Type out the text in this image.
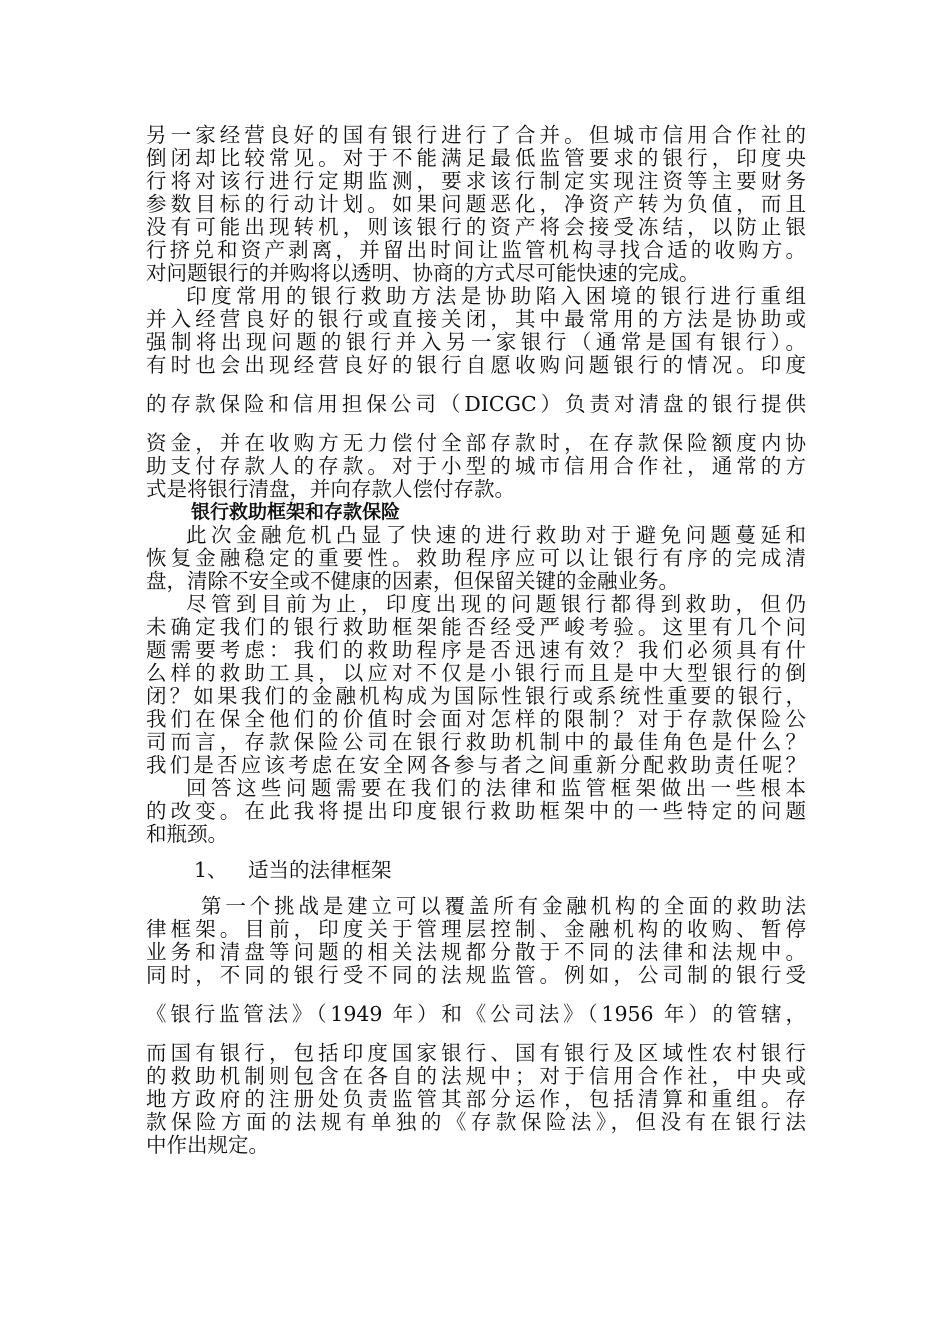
另一家经营良好的国有银行进行了合并。但城市信用合作社的
倒闭却比较常见。对于不能满足最低监管要求的银行，印度央
行将对该行进行定期监测，要求该行制定实现注资等主要财务
参数目标的行动计划。如果问题恶化，净资产转为负值，而且
没有可能出现转机，则该银行的资产将会接受冻结，以防止银
行挤兑和资产剥离，并留出时间让监管机构寻找合适的收购方。
对问题银行的并购将以透明、协商的方式尽可能快速的完成。
印度常用的银行救助方法是协助陷入困境的银行进行重组
并入经营良好的银行或直接关闭，其中最常用的方法是协助或
强制将出现问题的银行并入另一家银行（通常是国有银行）。
有时也会出现经营良好的银行自愿收购问题银行的情况。印度
的存款保险和信用担保公司（DICGC）负责对清盘的银行提供
资金，并在收购方无力偿付全部存款时，在存款保险额度内协
助支付存款人的存款。对于小型的城市信用合作社，通常的方
式是将银行清盘，并向存款人偿付存款。
银行救助框架和存款保险
此次金融危机凸显了快速的进行救助对于避免问题蔓延和
恢复金融稳定的重要性。救助程序应可以让银行有序的完成清
盘，清除不安全或不健康的因素，但保留关键的金融业务。
尽管到目前为止，印度出现的问题银行都得到救助，但仍
未确定我们的银行救助框架能否经受严峻考验。这里有几个问
题需要考虑：我们的救助程序是否迅速有效？我们必须具有什
么样的救助工具，以应对不仅是小银行而且是中大型银行的倒
闭？如果我们的金融机构成为国际性银行或系统性重要的银行，
我们在保全他们的价值时会面对怎样的限制？对于存款保险公
司而言，存款保险公司在银行救助机制中的最佳角色是什么？
我们是否应该考虑在安全网各参与者之间重新分配救助责任呢？
回答这些问题需要在我们的法律和监管框架做出一些根本
的改变。在此我将提出印度银行救助框架中的一些特定的问题
和瓶颈。
1、 适当的法律框架
第一个挑战是建立可以覆盖所有金融机构的全面的救助法
律框架。目前，印度关于管理层控制、金融机构的收购、暂停
业务和清盘等问题的相关法规都分散于不同的法律和法规中。
同时，不同的银行受不同的法规监管。例如，公司制的银行受
《银行监管法》（1949 年）和《公司法》（1956 年）的管辖，
而国有银行，包括印度国家银行、国有银行及区域性农村银行
的救助机制则包含在各自的法规中；对于信用合作社，中央或
地方政府的注册处负责监管其部分运作，包括清算和重组。存
款保险方面的法规有单独的《存款保险法》，但没有在银行法
中作出规定。
